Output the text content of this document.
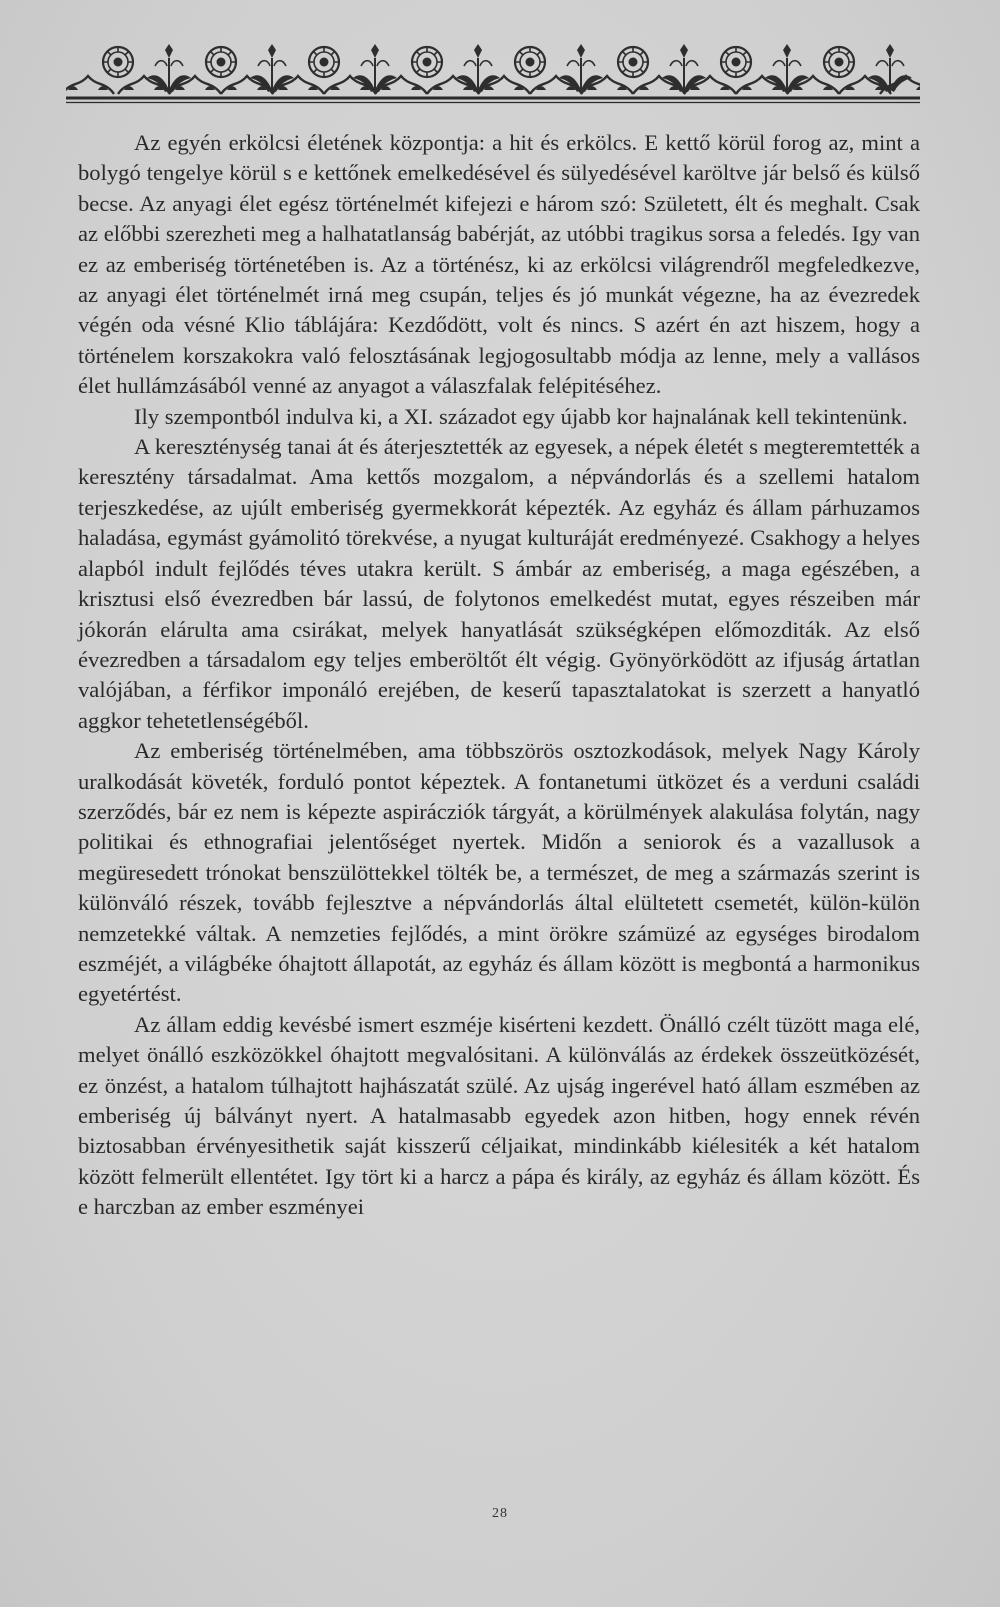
Az egyén erkölcsi életének központja: a hit és erkölcs. E kettő körül forog az, mint a bolygó tengelye körül s e kettőnek emelkedésével és sülyedésével karöltve jár belső és külső becse. Az anyagi élet egész történelmét kifejezi e három szó: Született, élt és meghalt. Csak az előbbi szerezheti meg a halhatatlanság babérját, az utóbbi tragikus sorsa a feledés. Igy van ez az emberiség történetében is. Az a történész, ki az erkölcsi világrendről megfeledkezve, az anyagi élet történelmét irná meg csupán, teljes és jó munkát végezne, ha az évezredek végén oda vésné Klio táblájára: Kezdődött, volt és nincs. S azért én azt hiszem, hogy a történelem korszakokra való felosztásának legjogosultabb módja az lenne, mely a vallásos élet hullámzásából venné az anyagot a válaszfalak felépitéséhez.

Ily szempontból indulva ki, a XI. századot egy újabb kor hajnalának kell tekintenünk.

A kereszténység tanai át és áterjesztették az egyesek, a népek életét s megteremtették a keresztény társadalmat. Ama kettős mozgalom, a népvándorlás és a szellemi hatalom terjeszkedése, az ujúlt emberiség gyermekkorát képezték. Az egyház és állam párhuzamos haladása, egymást gyámolitó törekvése, a nyugat kulturáját eredményezé. Csakhogy a helyes alapból indult fejlődés téves utakra került. S ámbár az emberiség, a maga egészében, a krisztusi első évezredben bár lassú, de folytonos emelkedést mutat, egyes részeiben már jókorán elárulta ama csirákat, melyek hanyatlását szükségképen előmozditák. Az első évezredben a társadalom egy teljes emberöltőt élt végig. Gyönyörködött az ifjuság ártatlan valójában, a férfikor imponáló erejében, de keserű tapasztalatokat is szerzett a hanyatló aggkor tehetetlenségéből.

Az emberiség történelmében, ama többszörös osztozkodások, melyek Nagy Károly uralkodását követék, forduló pontot képeztek. A fontanetumi ütközet és a verduni családi szerződés, bár ez nem is képezte aspirácziók tárgyát, a körülmények alakulása folytán, nagy politikai és ethnografiai jelentőséget nyertek. Midőn a seniorok és a vazallusok a megüresedett trónokat benszülöttekkel tölték be, a természet, de meg a származás szerint is különváló részek, tovább fejlesztve a népvándorlás által elültetett csemetét, külön-külön nemzetekké váltak. A nemzeties fejlődés, a mint örökre számüzé az egységes birodalom eszméjét, a világbéke óhajtott állapotát, az egyház és állam között is megbontá a harmonikus egyetértést.

Az állam eddig kevésbé ismert eszméje kisérteni kezdett. Önálló czélt tüzött maga elé, melyet önálló eszközökkel óhajtott megvalósitani. A különválás az érdekek összeütközését, ez önzést, a hatalom túlhajtott hajhászatát szülé. Az ujság ingerével ható állam eszmében az emberiség új bálványt nyert. A hatalmasabb egyedek azon hitben, hogy ennek révén biztosabban érvényesithetik saját kisszerű céljaikat, mindinkább kiélesiték a két hatalom között felmerült ellentétet. Igy tört ki a harcz a pápa és király, az egyház és állam között. És e harczban az ember eszményei

28
